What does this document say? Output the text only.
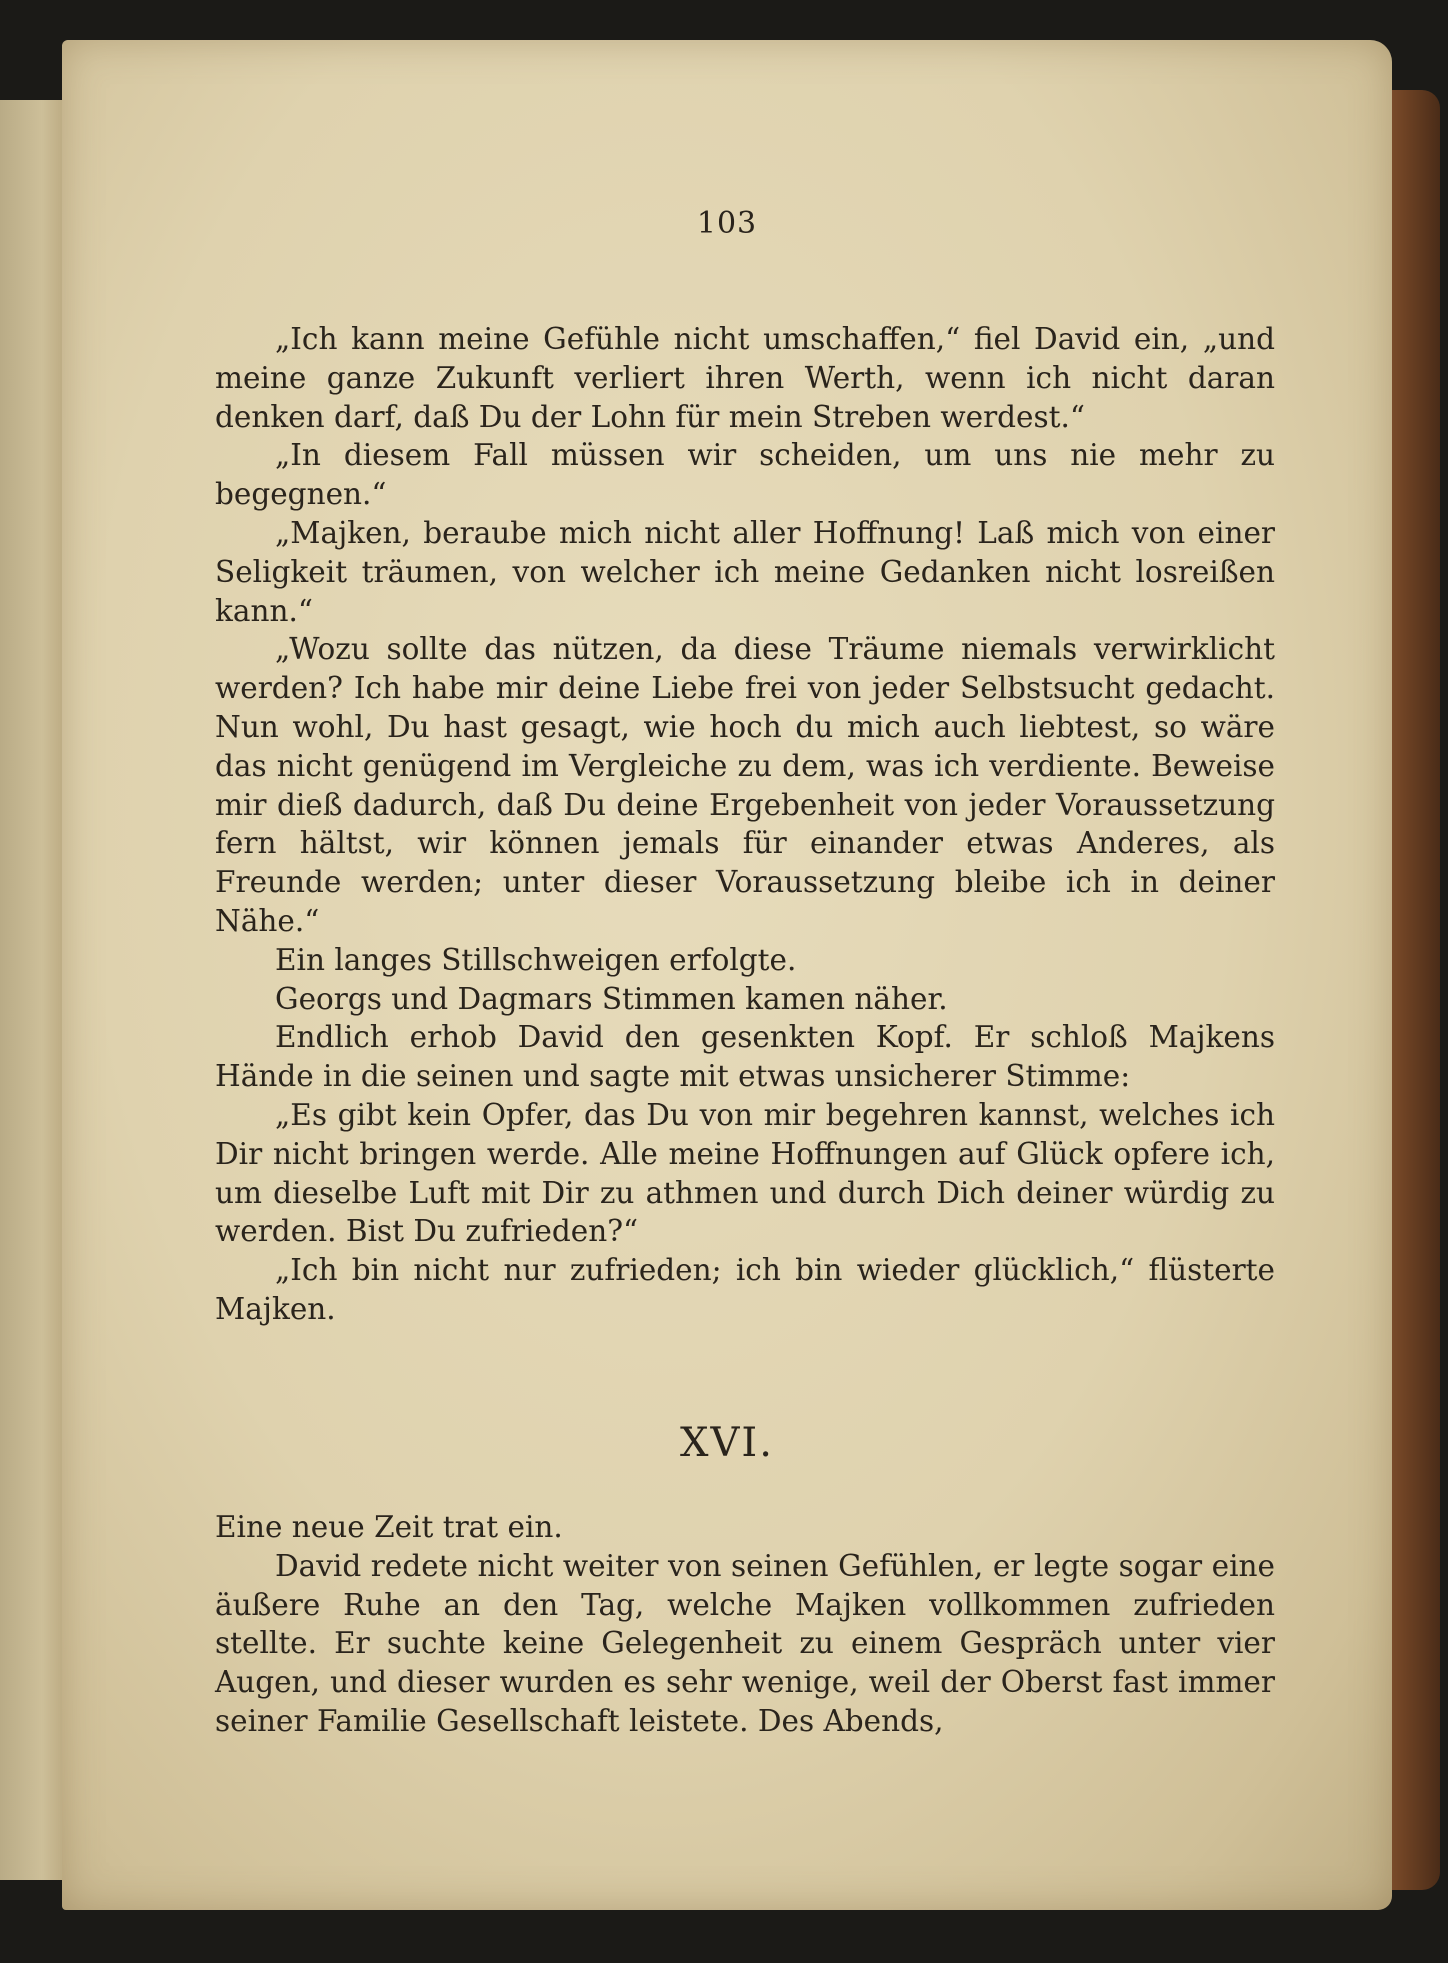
103

„Ich kann meine Gefühle nicht umschaffen,“ fiel David ein, „und meine ganze Zukunft verliert ihren Werth, wenn ich nicht daran denken darf, daß Du der Lohn für mein Streben werdest.“

„In diesem Fall müssen wir scheiden, um uns nie mehr zu begegnen.“

„Majken, beraube mich nicht aller Hoffnung! Laß mich von einer Seligkeit träumen, von welcher ich meine Gedanken nicht losreißen kann.“

„Wozu sollte das nützen, da diese Träume niemals verwirklicht werden? Ich habe mir deine Liebe frei von jeder Selbstsucht gedacht. Nun wohl, Du hast gesagt, wie hoch du mich auch liebtest, so wäre das nicht genügend im Vergleiche zu dem, was ich verdiente. Beweise mir dieß dadurch, daß Du deine Ergebenheit von jeder Voraussetzung fern hältst, wir können jemals für einander etwas Anderes, als Freunde werden; unter dieser Voraussetzung bleibe ich in deiner Nähe.“

Ein langes Stillschweigen erfolgte.

Georgs und Dagmars Stimmen kamen näher.

Endlich erhob David den gesenkten Kopf. Er schloß Majkens Hände in die seinen und sagte mit etwas unsicherer Stimme:

„Es gibt kein Opfer, das Du von mir begehren kannst, welches ich Dir nicht bringen werde. Alle meine Hoffnungen auf Glück opfere ich, um dieselbe Luft mit Dir zu athmen und durch Dich deiner würdig zu werden. Bist Du zufrieden?“

„Ich bin nicht nur zufrieden; ich bin wieder glücklich,“ flüsterte Majken.

XVI.

Eine neue Zeit trat ein.

David redete nicht weiter von seinen Gefühlen, er legte sogar eine äußere Ruhe an den Tag, welche Majken vollkommen zufrieden stellte. Er suchte keine Gelegenheit zu einem Gespräch unter vier Augen, und dieser wurden es sehr wenige, weil der Oberst fast immer seiner Familie Gesellschaft leistete. Des Abends,
